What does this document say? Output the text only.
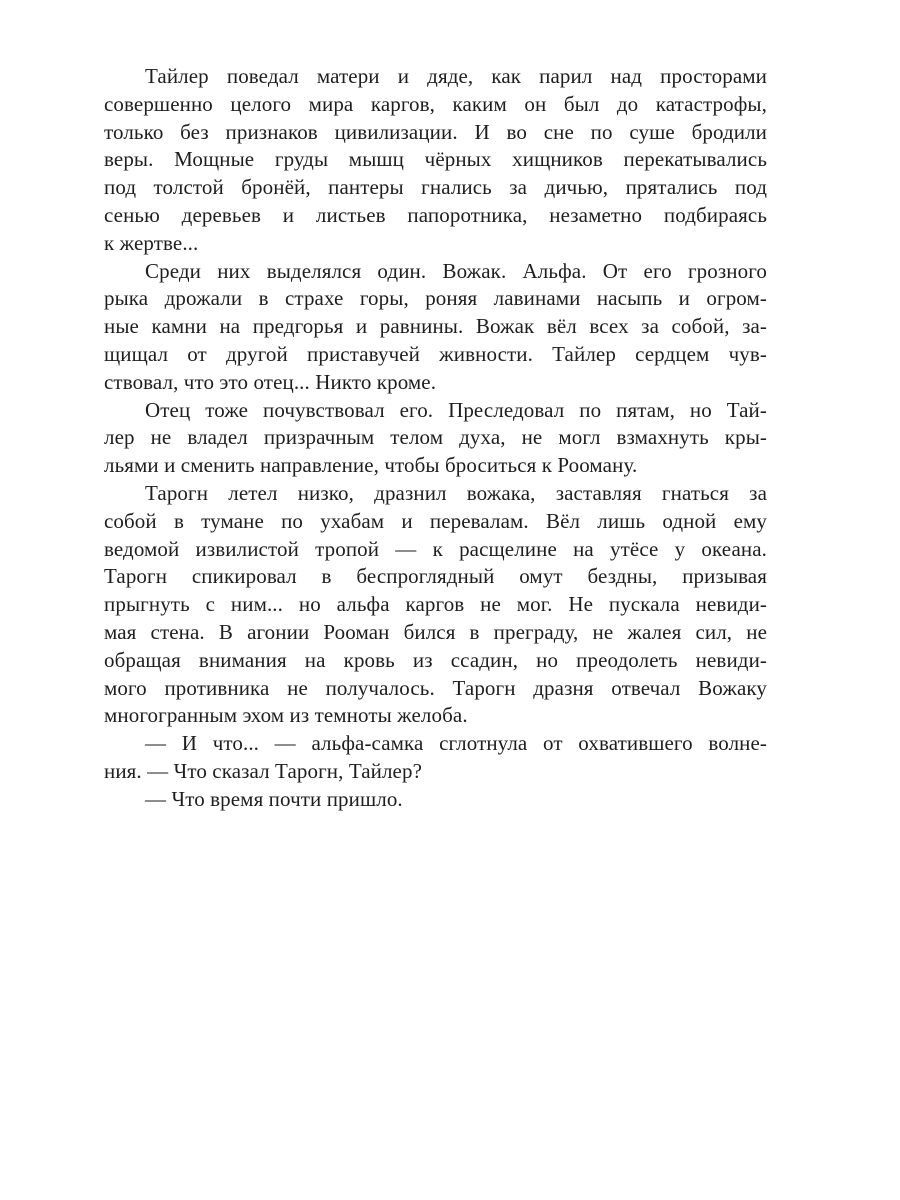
Тайлер поведал матери и дяде, как парил над просторами
совершенно целого мира каргов, каким он был до катастрофы,
только без признаков цивилизации. И во сне по суше бродили
веры. Мощные груды мышц чёрных хищников перекатывались
под толстой бронёй, пантеры гнались за дичью, прятались под
сенью деревьев и листьев папоротника, незаметно подбираясь
к жертве...
Среди них выделялся один. Вожак. Альфа. От его грозного
рыка дрожали в страхе горы, роняя лавинами насыпь и огром-
ные камни на предгорья и равнины. Вожак вёл всех за собой, за-
щищал от другой приставучей живности. Тайлер сердцем чув-
ствовал, что это отец... Никто кроме.
Отец тоже почувствовал его. Преследовал по пятам, но Тай-
лер не владел призрачным телом духа, не могл взмахнуть кры-
льями и сменить направление, чтобы броситься к Рооману.
Тарогн летел низко, дразнил вожака, заставляя гнаться за
собой в тумане по ухабам и перевалам. Вёл лишь одной ему
ведомой извилистой тропой — к расщелине на утёсе у океана.
Тарогн спикировал в беспроглядный омут бездны, призывая
прыгнуть с ним... но альфа каргов не мог. Не пускала невиди-
мая стена. В агонии Рооман бился в преграду, не жалея сил, не
обращая внимания на кровь из ссадин, но преодолеть невиди-
мого противника не получалось. Тарогн дразня отвечал Вожаку
многогранным эхом из темноты желоба.
— И что... — альфа-самка сглотнула от охватившего волне-
ния. — Что сказал Тарогн, Тайлер?
— Что время почти пришло.
